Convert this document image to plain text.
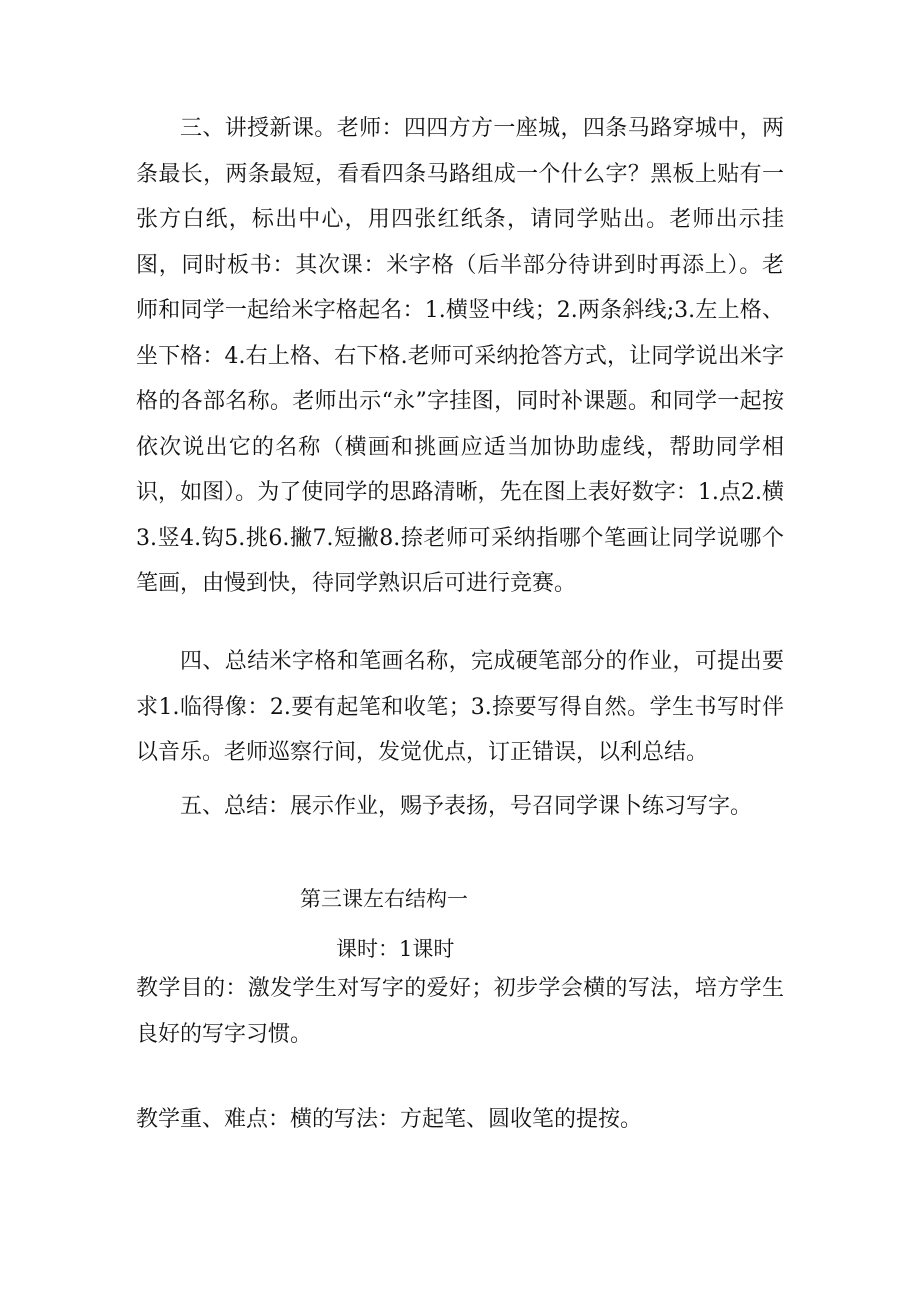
三、讲授新课。老师：四四方方一座城，四条马路穿城中，两条最长，两条最短，看看四条马路组成一个什么字？黑板上贴有一张方白纸，标出中心，用四张红纸条，请同学贴出。老师出示挂图，同时板书：其次课：米字格（后半部分待讲到时再添上）。老师和同学一起给米字格起名：1.横竖中线；2.两条斜线;3.左上格、坐下格：4.右上格、右下格.老师可采纳抢答方式，让同学说出米字格的各部名称。老师出示“永”字挂图，同时补课题。和同学一起按依次说出它的名称（横画和挑画应适当加协助虚线，帮助同学相识，如图）。为了使同学的思路清晰，先在图上表好数字：1.点2.横3.竖4.钩5.挑6.撇7.短撇8.捺老师可采纳指哪个笔画让同学说哪个笔画，由慢到快，待同学熟识后可进行竞赛。

四、总结米字格和笔画名称，完成硬笔部分的作业，可提出要求1.临得像：2.要有起笔和收笔；3.捺要写得自然。学生书写时伴以音乐。老师巡察行间，发觉优点，订正错误，以利总结。

五、总结：展示作业，赐予表扬，号召同学课卜练习写字。

第三课左右结构一

课时：1课时

教学目的：激发学生对写字的爱好；初步学会横的写法，培方学生良好的写字习惯。

教学重、难点：横的写法：方起笔、圆收笔的提按。
